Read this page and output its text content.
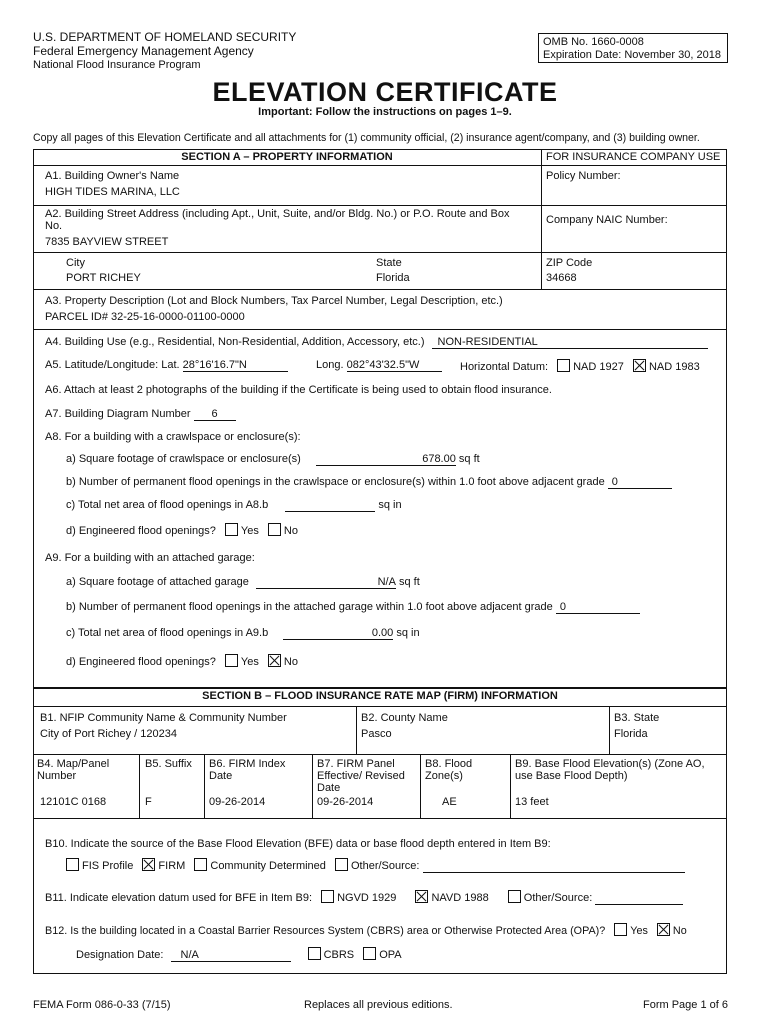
U.S. DEPARTMENT OF HOMELAND SECURITY
Federal Emergency Management Agency
National Flood Insurance Program
OMB No. 1660-0008
Expiration Date: November 30, 2018
ELEVATION CERTIFICATE
Important: Follow the instructions on pages 1–9.
Copy all pages of this Elevation Certificate and all attachments for (1) community official, (2) insurance agent/company, and (3) building owner.
SECTION A – PROPERTY INFORMATION	FOR INSURANCE COMPANY USE
A1. Building Owner's Name
HIGH TIDES MARINA, LLC
Policy Number:
A2. Building Street Address (including Apt., Unit, Suite, and/or Bldg. No.) or P.O. Route and Box No.
7835 BAYVIEW STREET
Company NAIC Number:
City
PORT RICHEY
State
Florida
ZIP Code
34668
A3. Property Description (Lot and Block Numbers, Tax Parcel Number, Legal Description, etc.)
PARCEL ID# 32-25-16-0000-01100-0000
A4. Building Use (e.g., Residential, Non-Residential, Addition, Accessory, etc.) NON-RESIDENTIAL
A5. Latitude/Longitude: Lat. 28°16'16.7"N	Long. 082°43'32.5"W	Horizontal Datum: NAD 1927 NAD 1983
A6. Attach at least 2 photographs of the building if the Certificate is being used to obtain flood insurance.
A7. Building Diagram Number 6
A8. For a building with a crawlspace or enclosure(s):
a) Square footage of crawlspace or enclosure(s)	678.00 sq ft
b) Number of permanent flood openings in the crawlspace or enclosure(s) within 1.0 foot above adjacent grade 0
c) Total net area of flood openings in A8.b	sq in
d) Engineered flood openings? Yes No
A9. For a building with an attached garage:
a) Square footage of attached garage	N/A sq ft
b) Number of permanent flood openings in the attached garage within 1.0 foot above adjacent grade 0
c) Total net area of flood openings in A9.b	0.00 sq in
d) Engineered flood openings? Yes No
SECTION B – FLOOD INSURANCE RATE MAP (FIRM) INFORMATION
B1. NFIP Community Name & Community Number
City of Port Richey / 120234
B2. County Name
Pasco
B3. State
Florida
B4. Map/Panel Number
12101C 0168
B5. Suffix
F
B6. FIRM Index Date
09-26-2014
B7. FIRM Panel Effective/ Revised Date
09-26-2014
B8. Flood Zone(s)
AE
B9. Base Flood Elevation(s) (Zone AO, use Base Flood Depth)
13 feet
B10. Indicate the source of the Base Flood Elevation (BFE) data or base flood depth entered in Item B9:
FIS Profile FIRM Community Determined Other/Source:
B11. Indicate elevation datum used for BFE in Item B9: NGVD 1929	NAVD 1988	Other/Source:
B12. Is the building located in a Coastal Barrier Resources System (CBRS) area or Otherwise Protected Area (OPA)? Yes No
Designation Date: N/A	CBRS OPA
FEMA Form 086-0-33 (7/15)	Replaces all previous editions.	Form Page 1 of 6
